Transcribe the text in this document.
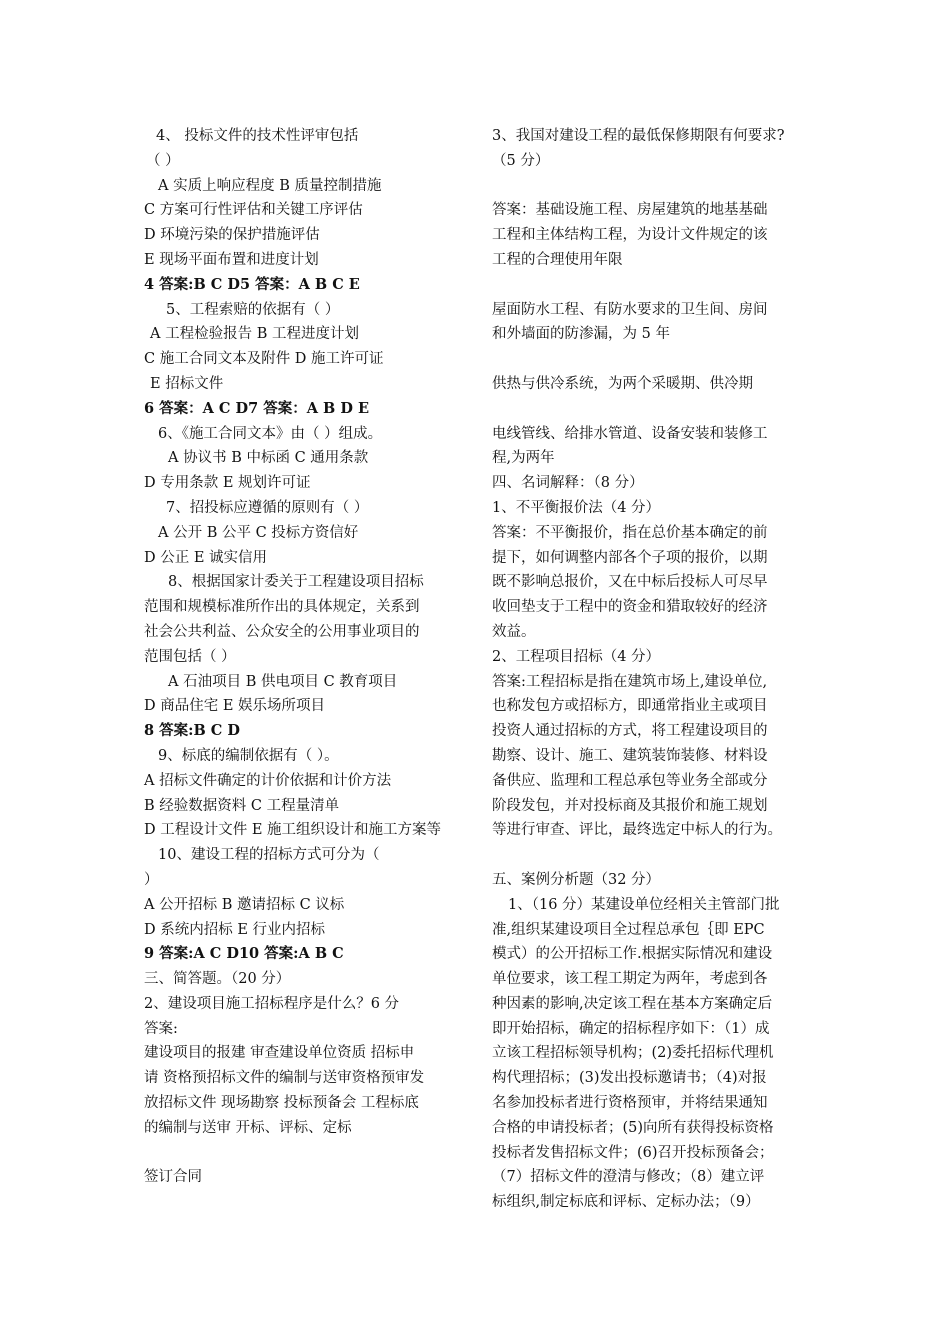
4、 投标文件的技术性评审包括
（ ）
A 实质上响应程度 B 质量控制措施
C 方案可行性评估和关键工序评估
D 环境污染的保护措施评估
E 现场平面布置和进度计划
4 答案:B C D5 答案：A B C E
5、工程索赔的依据有（ ）
A 工程检验报告 B 工程进度计划
C 施工合同文本及附件 D 施工许可证
E 招标文件
6 答案：A C D7 答案：A B D E
6、《施工合同文本》由（ ）组成。
A 协议书 B 中标函 C 通用条款
D 专用条款 E 规划许可证
7、招投标应遵循的原则有（ ）
A 公开 B 公平 C 投标方资信好
D 公正 E 诚实信用
8、根据国家计委关于工程建设项目招标
范围和规模标准所作出的具体规定，关系到
社会公共利益、公众安全的公用事业项目的
范围包括（ ）
A 石油项目 B 供电项目 C 教育项目
D 商品住宅 E 娱乐场所项目
8 答案:B C D
9、标底的编制依据有（ ）。
A 招标文件确定的计价依据和计价方法
B 经验数据资料 C 工程量清单
D 工程设计文件 E 施工组织设计和施工方案等
10、建设工程的招标方式可分为（
）
A 公开招标 B 邀请招标 C 议标
D 系统内招标 E 行业内招标
9 答案:A C D10 答案:A B C
三、简答题。（20 分）
2、建设项目施工招标程序是什么？6 分
答案:
建设项目的报建 审查建设单位资质 招标申
请 资格预招标文件的编制与送审资格预审发
放招标文件 现场勘察 投标预备会 工程标底
的编制与送审 开标、评标、定标
签订合同
3、我国对建设工程的最低保修期限有何要求?
（5 分）
答案：基础设施工程、房屋建筑的地基基础
工程和主体结构工程，为设计文件规定的该
工程的合理使用年限
屋面防水工程、有防水要求的卫生间、房间
和外墙面的防渗漏，为 5 年
供热与供冷系统，为两个采暖期、供冷期
电线管线、给排水管道、设备安装和装修工
程,为两年
四、名词解释：（8 分）
1、不平衡报价法（4 分）
答案：不平衡报价，指在总价基本确定的前
提下，如何调整内部各个子项的报价，以期
既不影响总报价，又在中标后投标人可尽早
收回垫支于工程中的资金和猎取较好的经济
效益。
2、工程项目招标（4 分）
答案:工程招标是指在建筑市场上,建设单位,
也称发包方或招标方，即通常指业主或项目
投资人通过招标的方式，将工程建设项目的
勘察、设计、施工、建筑装饰装修、材料设
备供应、监理和工程总承包等业务全部或分
阶段发包，并对投标商及其报价和施工规划
等进行审查、评比，最终选定中标人的行为。
五、案例分析题（32 分）
1、（16 分）某建设单位经相关主管部门批
准,组织某建设项目全过程总承包｛即 EPC
模式）的公开招标工作.根据实际情况和建设
单位要求，该工程工期定为两年，考虑到各
种因素的影响,决定该工程在基本方案确定后
即开始招标，确定的招标程序如下：（1）成
立该工程招标领导机构；(2)委托招标代理机
构代理招标；(3)发出投标邀请书；（4)对报
名参加投标者进行资格预审，并将结果通知
合格的申请投标者；(5)向所有获得投标资格
投标者发售招标文件；(6)召开投标预备会；
（7）招标文件的澄清与修改；（8）建立评
标组织,制定标底和评标、定标办法；（9）
